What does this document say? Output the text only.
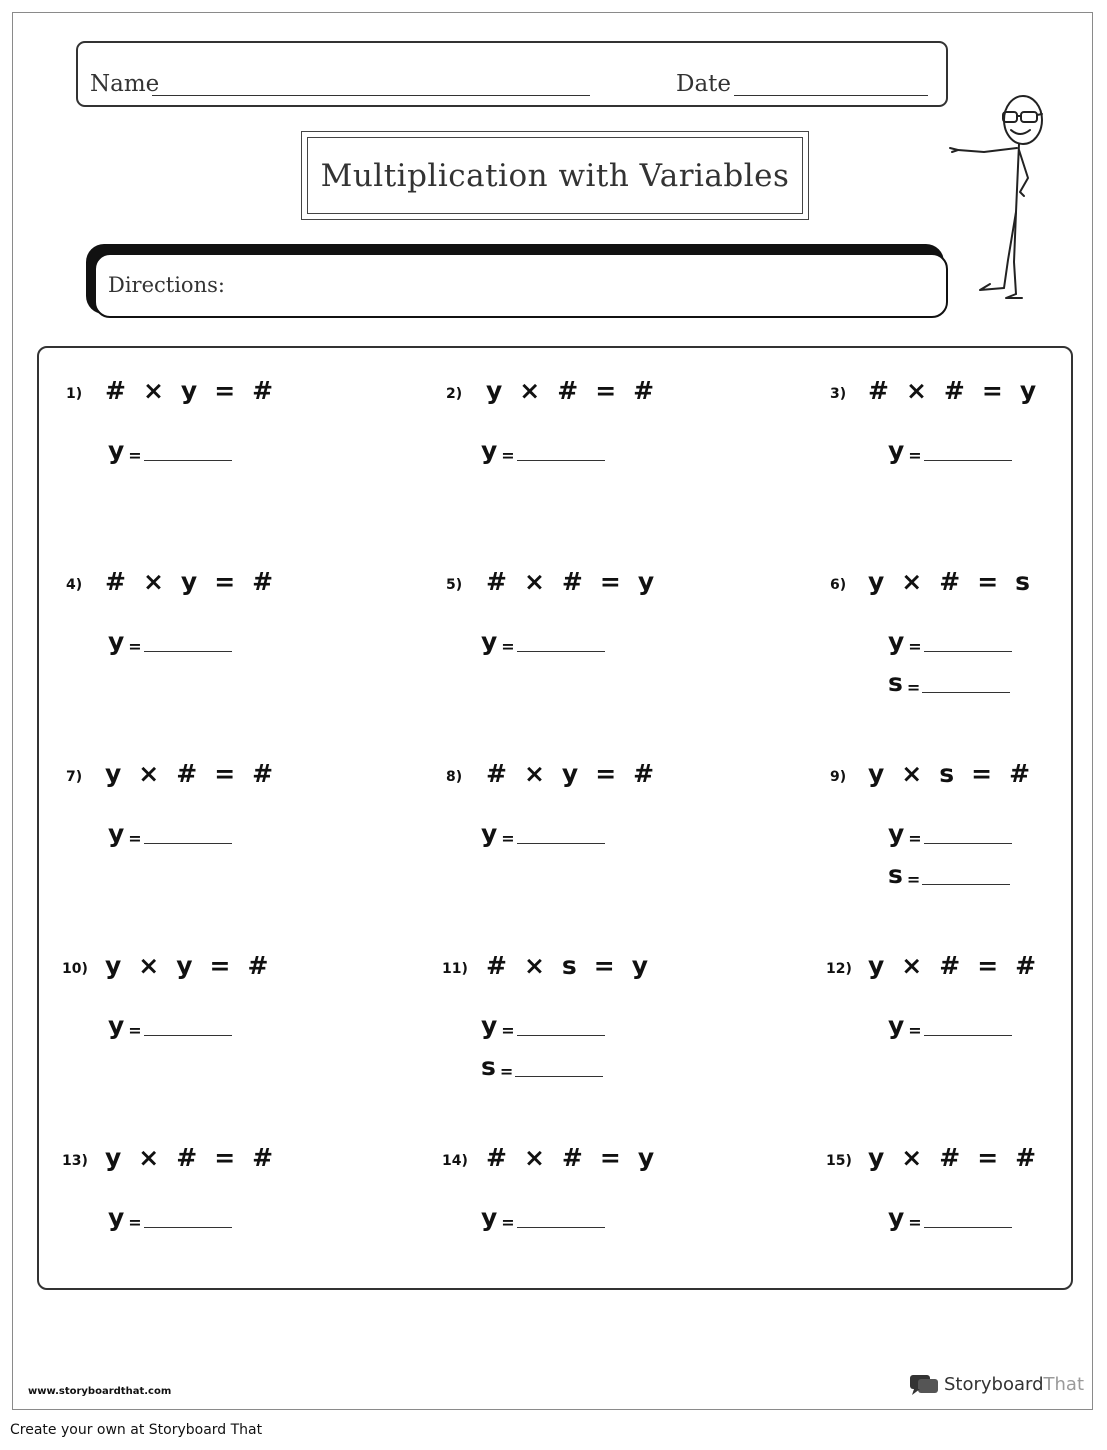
Name	Date
Multiplication with Variables
Directions:
1) # × y = #
y =
2) y × # = #
y =
3) # × # = y
y =
4) # × y = #
y =
5) # × # = y
y =
6) y × # = s
y =
s =
7) y × # = #
y =
8) # × y = #
y =
9) y × s = #
y =
s =
10) y × y = #
y =
11) # × s = y
y =
s =
12) y × # = #
y =
13) y × # = #
y =
14) # × # = y
y =
15) y × # = #
y =
www.storyboardthat.com	StoryboardThat
Create your own at Storyboard That
